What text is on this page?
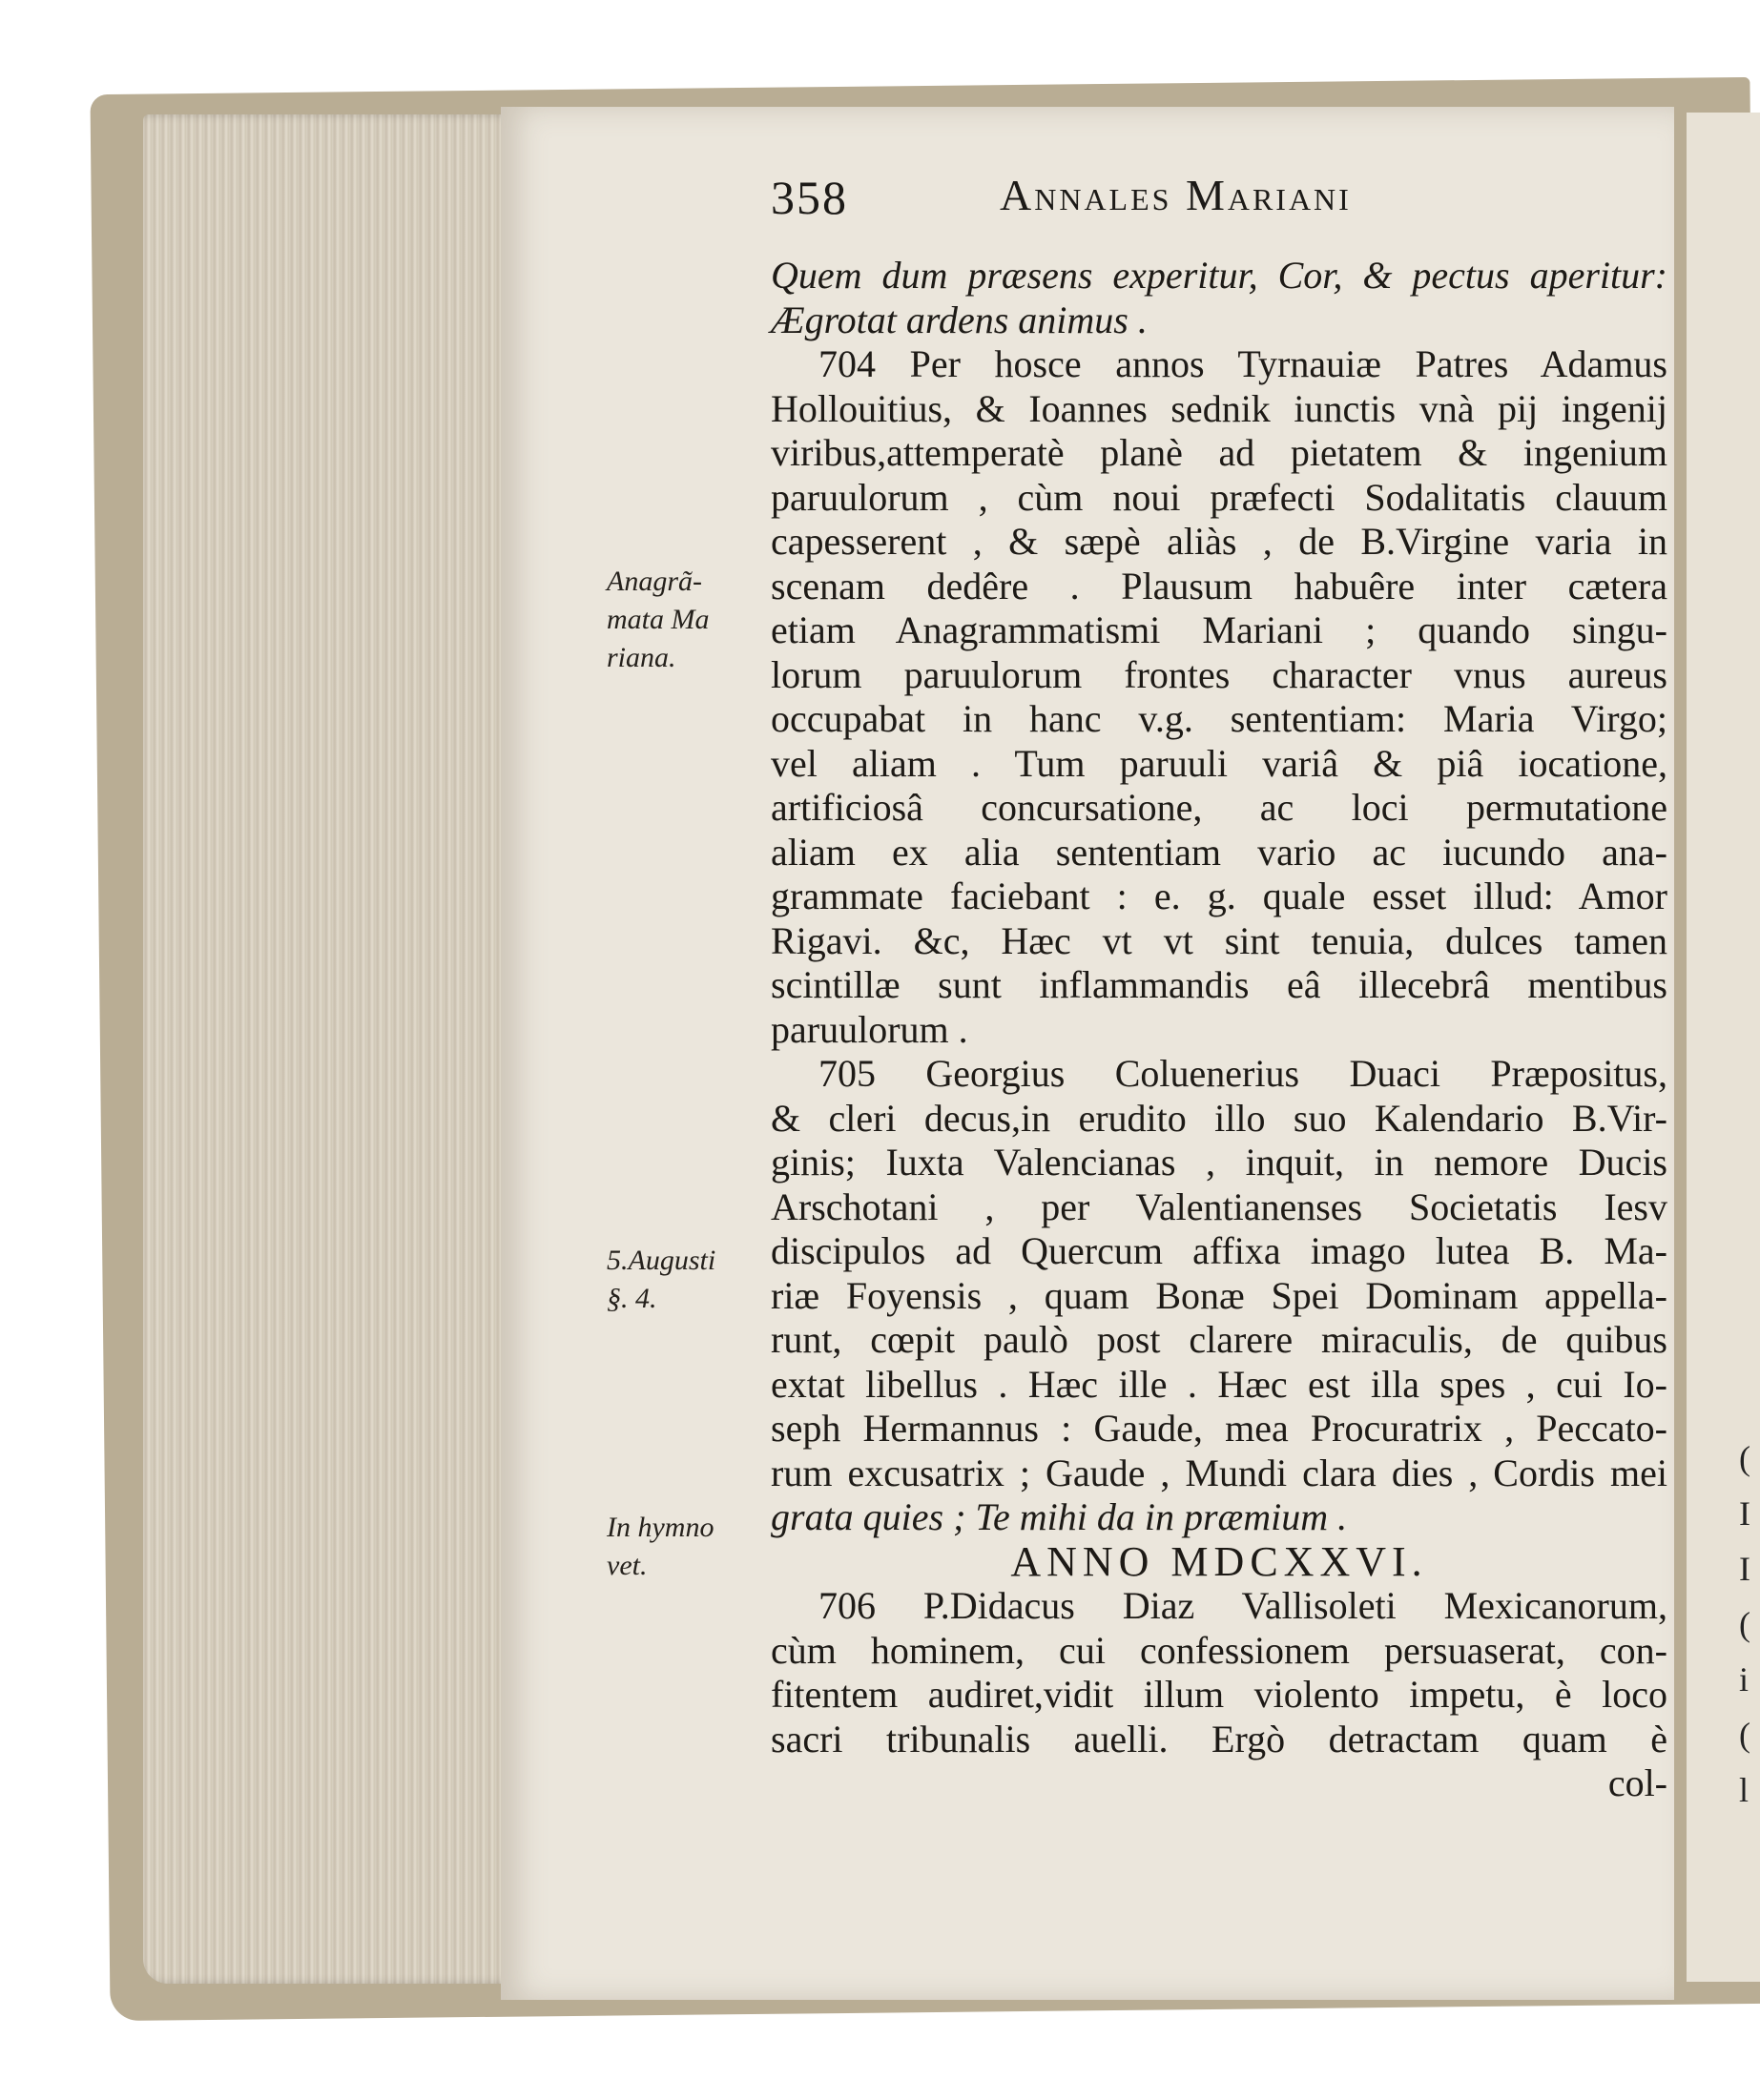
(
I
I
(
i
(
l
358	Annales Mariani
Quem dum præsens experitur, Cor, & pectus aperitur:
Ægrotat ardens animus .
704 Per hosce annos Tyrnauiæ Patres Adamus
Hollouitius, & Ioannes sednik iunctis vnà pij ingenij
viribus,attemperatè planè ad pietatem & ingenium
paruulorum , cùm noui præfecti Sodalitatis clauum
capesserent , & sæpè aliàs , de B.Virgine varia in
scenam dedêre . Plausum habuêre inter cætera
etiam Anagrammatismi Mariani ; quando singu-
lorum paruulorum frontes character vnus aureus
occupabat in hanc v.g. sententiam: Maria Virgo;
vel aliam . Tum paruuli variâ & piâ iocatione,
artificiosâ concursatione, ac loci permutatione
aliam ex alia sententiam vario ac iucundo ana-
grammate faciebant : e. g. quale esset illud: Amor
Rigavi. &c, Hæc vt vt sint tenuia, dulces tamen
scintillæ sunt inflammandis eâ illecebrâ mentibus
paruulorum .
705 Georgius Coluenerius Duaci Præpositus,
& cleri decus,in erudito illo suo Kalendario B.Vir-
ginis; Iuxta Valencianas , inquit, in nemore Ducis
Arschotani , per Valentianenses Societatis Iesv
discipulos ad Quercum affixa imago lutea B. Ma-
riæ Foyensis , quam Bonæ Spei Dominam appella-
runt, cœpit paulò post clarere miraculis, de quibus
extat libellus . Hæc ille . Hæc est illa spes , cui Io-
seph Hermannus : Gaude, mea Procuratrix , Peccato-
rum excusatrix ; Gaude , Mundi clara dies , Cordis mei
grata quies ; Te mihi da in præmium .
ANNO MDCXXVI.
706 P.Didacus Diaz Vallisoleti Mexicanorum,
cùm hominem, cui confessionem persuaserat, con-
fitentem audiret,vidit illum violento impetu, è loco
sacri tribunalis auelli. Ergò detractam quam è
col-
Anagrã-
mata Ma
riana.
5.Augusti
§. 4.
In hymno
vet.
